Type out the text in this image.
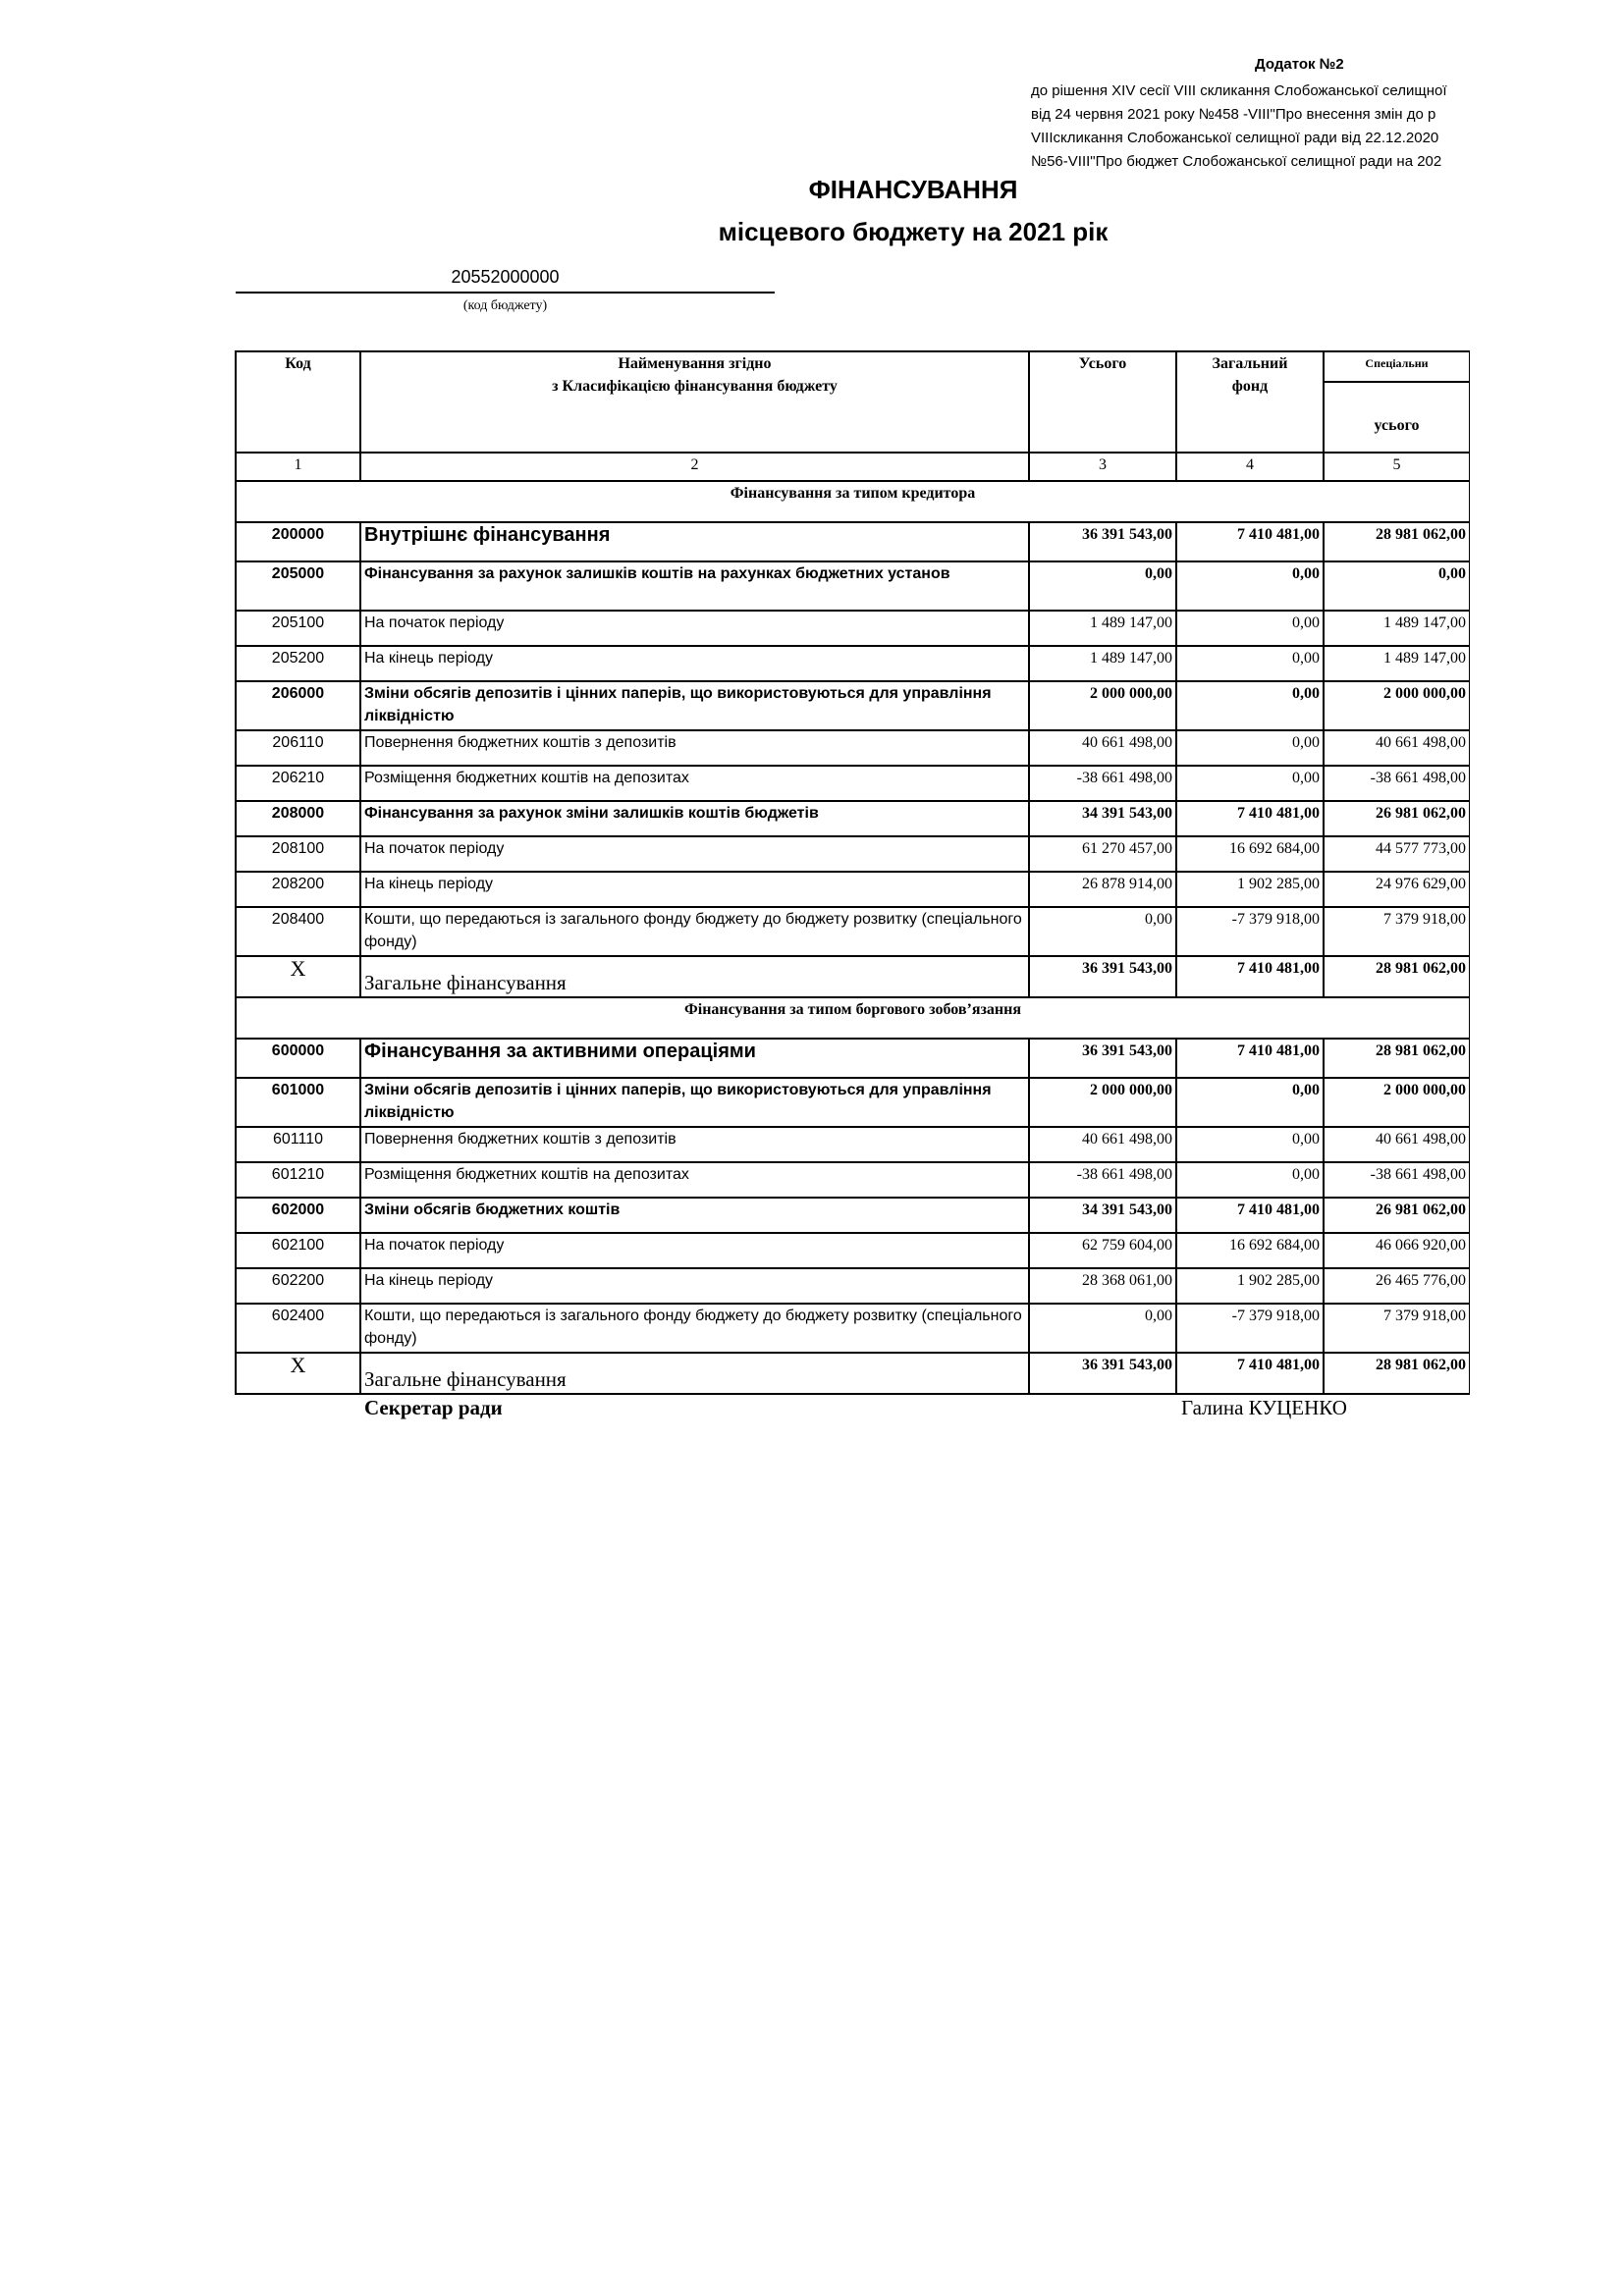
Додаток №2
до рішення XIV сесії VIII скликання Слобожанської селищної
від 24 червня 2021 року №458 -VIII"Про внесення змін до р
VIIIскликання Слобожанської селищної ради від 22.12.2020
№56-VIII"Про бюджет Слобожанської селищної ради на 202
ФІНАНСУВАННЯ
місцевого бюджету на 2021 рік
20552000000
(код бюджету)
Код	Найменування згідно
з Класифікацією фінансування бюджету	Усього	Загальний
фонд	Спеціальни
				усього
1	2	3	4	5
Фінансування за типом кредитора				
200000	Внутрішнє фінансування	36 391 543,00	7 410 481,00	28 981 062,00
205000	Фінансування за рахунок залишків коштів на рахунках бюджетних установ	0,00	0,00	0,00
205100	На початок періоду	1 489 147,00	0,00	1 489 147,00
205200	На кінець періоду	1 489 147,00	0,00	1 489 147,00
206000	Зміни обсягів депозитів і цінних паперів, що використовуються для управління ліквідністю	2 000 000,00	0,00	2 000 000,00
206110	Повернення бюджетних коштів з депозитів	40 661 498,00	0,00	40 661 498,00
206210	Розміщення бюджетних коштів на депозитах	-38 661 498,00	0,00	-38 661 498,00
208000	Фінансування за рахунок зміни залишків коштів бюджетів	34 391 543,00	7 410 481,00	26 981 062,00
208100	На початок періоду	61 270 457,00	16 692 684,00	44 577 773,00
208200	На кінець періоду	26 878 914,00	1 902 285,00	24 976 629,00
208400	Кошти, що передаються із загального фонду бюджету до бюджету розвитку (спеціального фонду)	0,00	-7 379 918,00	7 379 918,00
X	Загальне фінансування	36 391 543,00	7 410 481,00	28 981 062,00
Фінансування за типом боргового зобов’язання				
600000	Фінансування за активними операціями	36 391 543,00	7 410 481,00	28 981 062,00
601000	Зміни обсягів депозитів і цінних паперів, що використовуються для управління ліквідністю	2 000 000,00	0,00	2 000 000,00
601110	Повернення бюджетних коштів з депозитів	40 661 498,00	0,00	40 661 498,00
601210	Розміщення бюджетних коштів на депозитах	-38 661 498,00	0,00	-38 661 498,00
602000	Зміни обсягів бюджетних коштів	34 391 543,00	7 410 481,00	26 981 062,00
602100	На початок періоду	62 759 604,00	16 692 684,00	46 066 920,00
602200	На кінець періоду	28 368 061,00	1 902 285,00	26 465 776,00
602400	Кошти, що передаються із загального фонду бюджету до бюджету розвитку (спеціального фонду)	0,00	-7 379 918,00	7 379 918,00
X	Загальне фінансування	36 391 543,00	7 410 481,00	28 981 062,00
Секретар ради	Галина КУЦЕНКО
